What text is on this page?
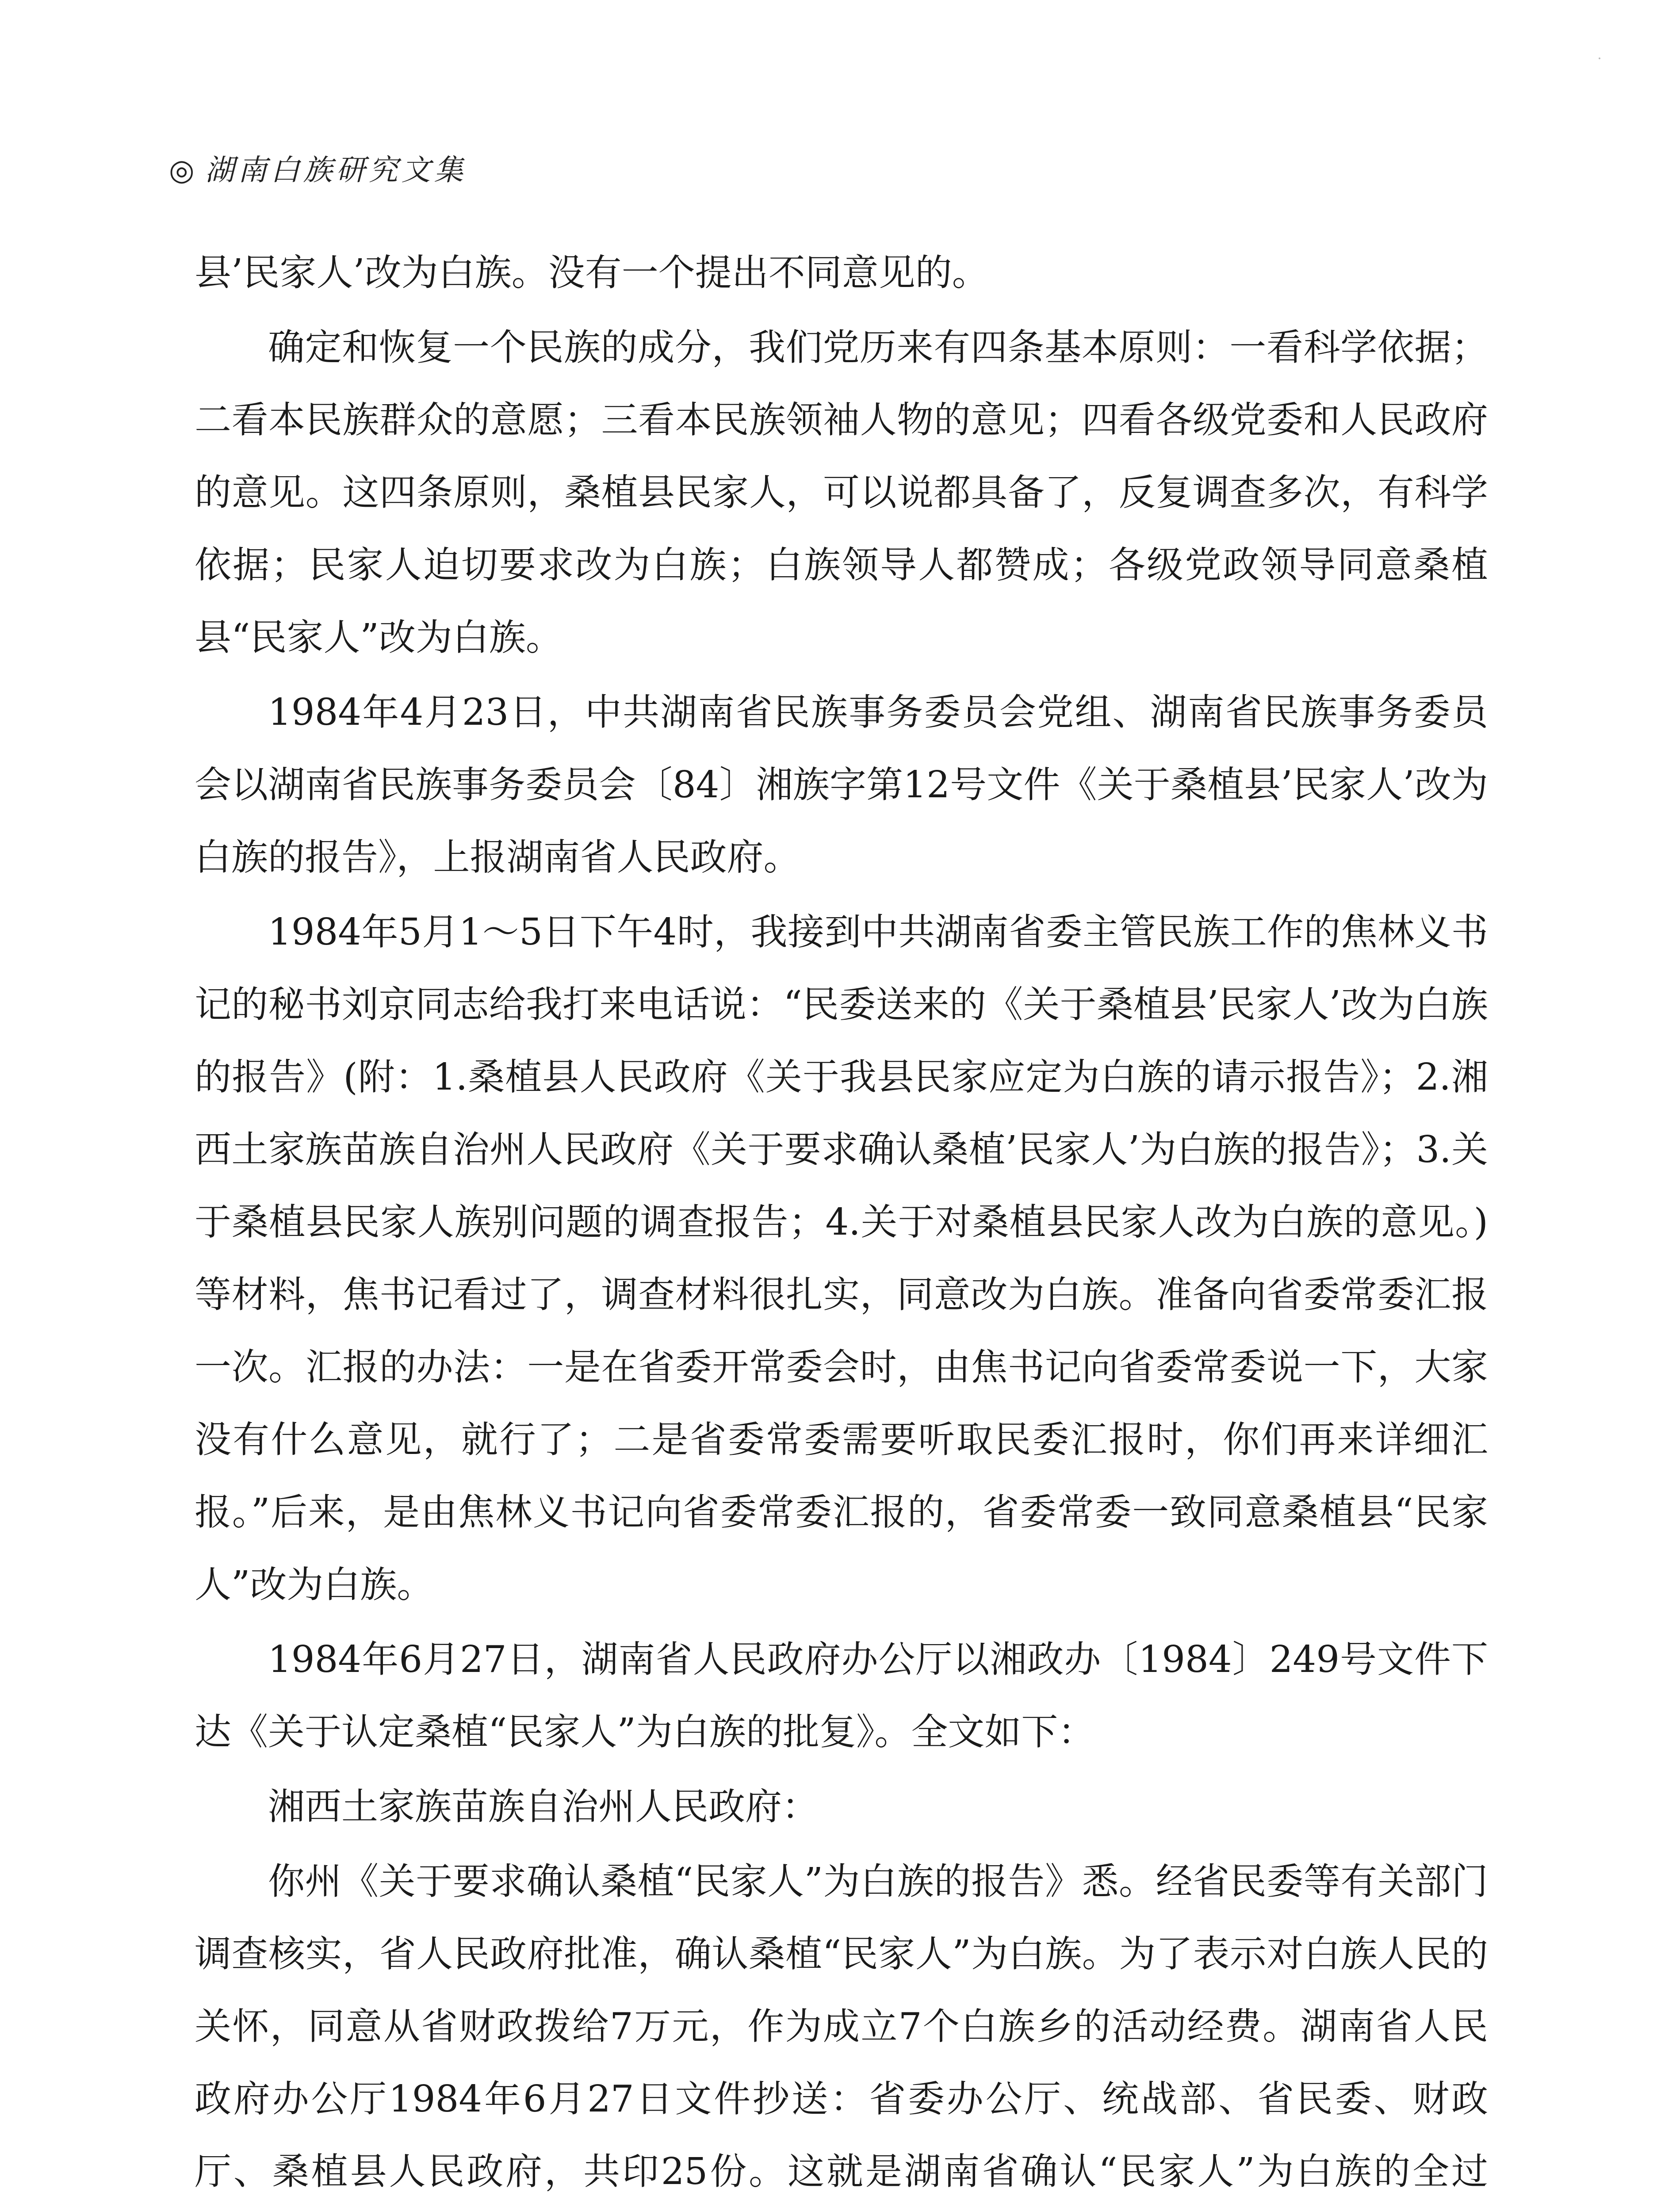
◎ 湖南白族研究文集

县’民家人’改为白族。没有一个提出不同意见的。

确定和恢复一个民族的成分，我们党历来有四条基本原则：一看科学依据；二看本民族群众的意愿；三看本民族领袖人物的意见；四看各级党委和人民政府的意见。这四条原则，桑植县民家人，可以说都具备了，反复调查多次，有科学依据；民家人迫切要求改为白族；白族领导人都赞成；各级党政领导同意桑植县“民家人”改为白族。

1984年4月23日，中共湖南省民族事务委员会党组、湖南省民族事务委员会以湖南省民族事务委员会〔84〕湘族字第12号文件《关于桑植县’民家人’改为白族的报告》，上报湖南省人民政府。

1984年5月1～5日下午4时，我接到中共湖南省委主管民族工作的焦林义书记的秘书刘京同志给我打来电话说：“民委送来的《关于桑植县’民家人’改为白族的报告》(附：1.桑植县人民政府《关于我县民家应定为白族的请示报告》；2.湘西土家族苗族自治州人民政府《关于要求确认桑植’民家人’为白族的报告》；3.关于桑植县民家人族别问题的调查报告；4.关于对桑植县民家人改为白族的意见。)等材料，焦书记看过了，调查材料很扎实，同意改为白族。准备向省委常委汇报一次。汇报的办法：一是在省委开常委会时，由焦书记向省委常委说一下，大家没有什么意见，就行了；二是省委常委需要听取民委汇报时，你们再来详细汇报。”后来，是由焦林义书记向省委常委汇报的，省委常委一致同意桑植县“民家人”改为白族。

1984年6月27日，湖南省人民政府办公厅以湘政办〔1984〕249号文件下达《关于认定桑植“民家人”为白族的批复》。全文如下：

湘西土家族苗族自治州人民政府：

你州《关于要求确认桑植“民家人”为白族的报告》悉。经省民委等有关部门调查核实，省人民政府批准，确认桑植“民家人”为白族。为了表示对白族人民的关怀，同意从省财政拨给7万元，作为成立7个白族乡的活动经费。湖南省人民政府办公厅1984年6月27日文件抄送：省委办公厅、统战部、省民委、财政厅、桑植县人民政府，共印25份。这就是湖南省确认“民家人”为白族的全过
